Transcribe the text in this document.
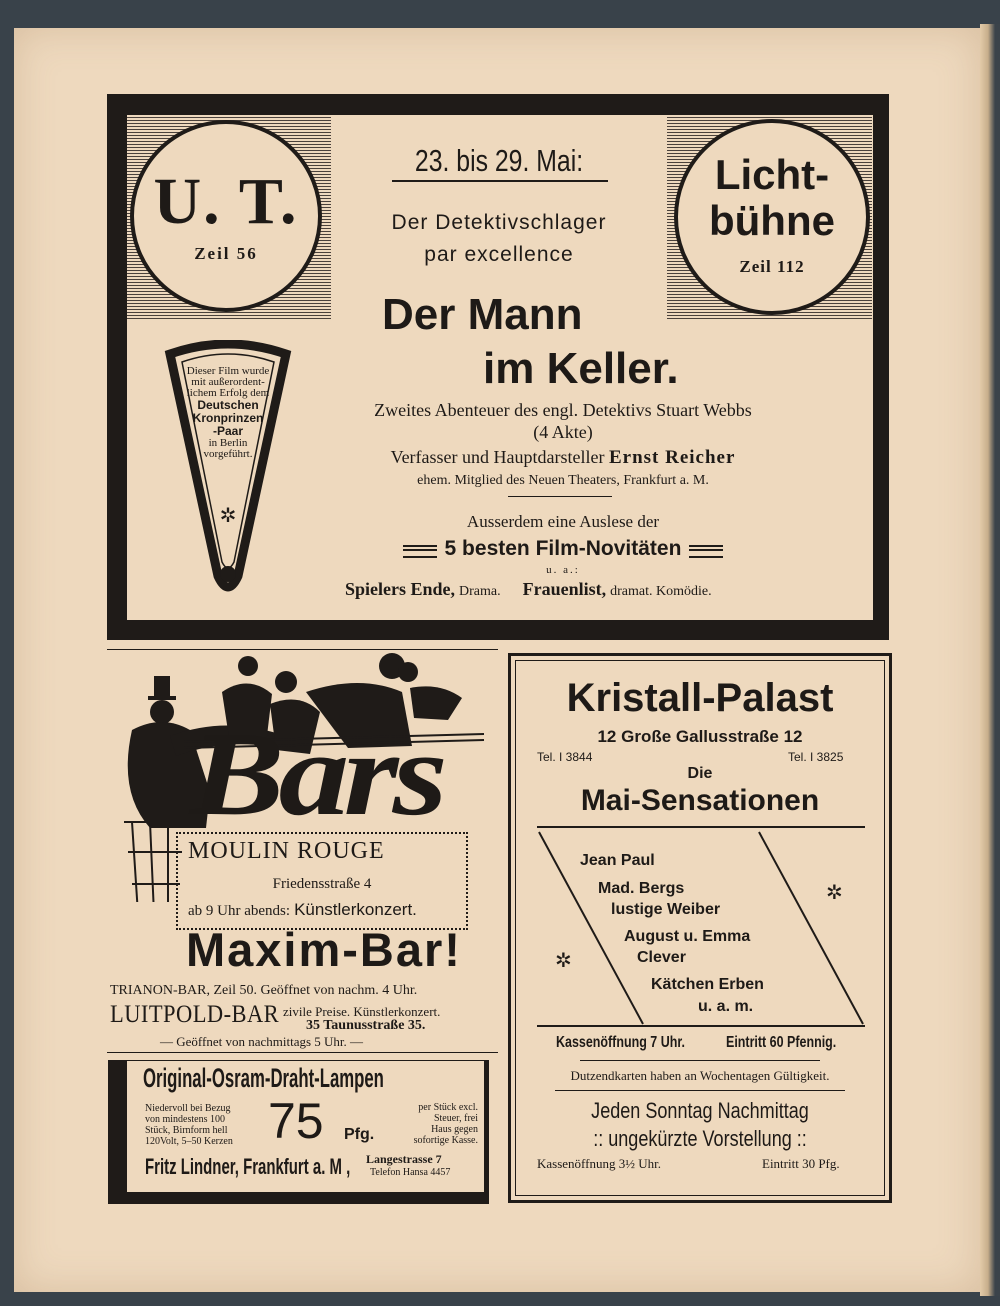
U. T.
Zeil 56
Licht-
bühne
Zeil 112
✲
Dieser Film wurde
mit außerordent-
lichem Erfolg dem
Deutschen
Kronprinzen
-Paar
in Berlin
vorgeführt.
23. bis 29. Mai:
Der Detektivschlager
par excellence
Der Mann
im Keller.
Zweites Abenteuer des engl. Detektivs Stuart Webbs
(4 Akte)
Verfasser und Hauptdarsteller Ernst Reicher
ehem. Mitglied des Neuen Theaters, Frankfurt a. M.
Ausserdem eine Auslese der
5 besten Film-Novitäten
u. a.:
Spielers Ende, Drama. Frauenlist, dramat. Komödie.
Bars
MOULIN ROUGE
Friedensstraße 4
ab 9 Uhr abends: Künstlerkonzert.
Maxim-Bar!
TRIANON-BAR, Zeil 50. Geöffnet von nachm. 4 Uhr.
LUITPOLD-BAR zivile Preise. Künstlerkonzert.
35 Taunusstraße 35.
— Geöffnet von nachmittags 5 Uhr. —
Original-Osram-Draht-Lampen
Niedervoll bei Bezug
von mindestens 100
Stück, Birnform hell
120Volt, 5–50 Kerzen 75 Pfg.
per Stück excl.
Steuer, frei
Haus gegen
sofortige Kasse.
Fritz Lindner, Frankfurt a. M , Langestrasse 7
Telefon Hansa 4457
Kristall-Palast
12 Große Gallusstraße 12
Tel. I 3844	Tel. I 3825
Die
Mai-Sensationen
✲
✲
Jean Paul
Mad. Bergs
lustige Weiber
August u. Emma
Clever
Kätchen Erben
u. a. m.
Kassenöffnung 7 Uhr.	Eintritt 60 Pfennig.
Dutzendkarten haben an Wochentagen Gültigkeit.
Jeden Sonntag Nachmittag
:: ungekürzte Vorstellung ::
Kassenöffnung 3½ Uhr.	Eintritt 30 Pfg.
